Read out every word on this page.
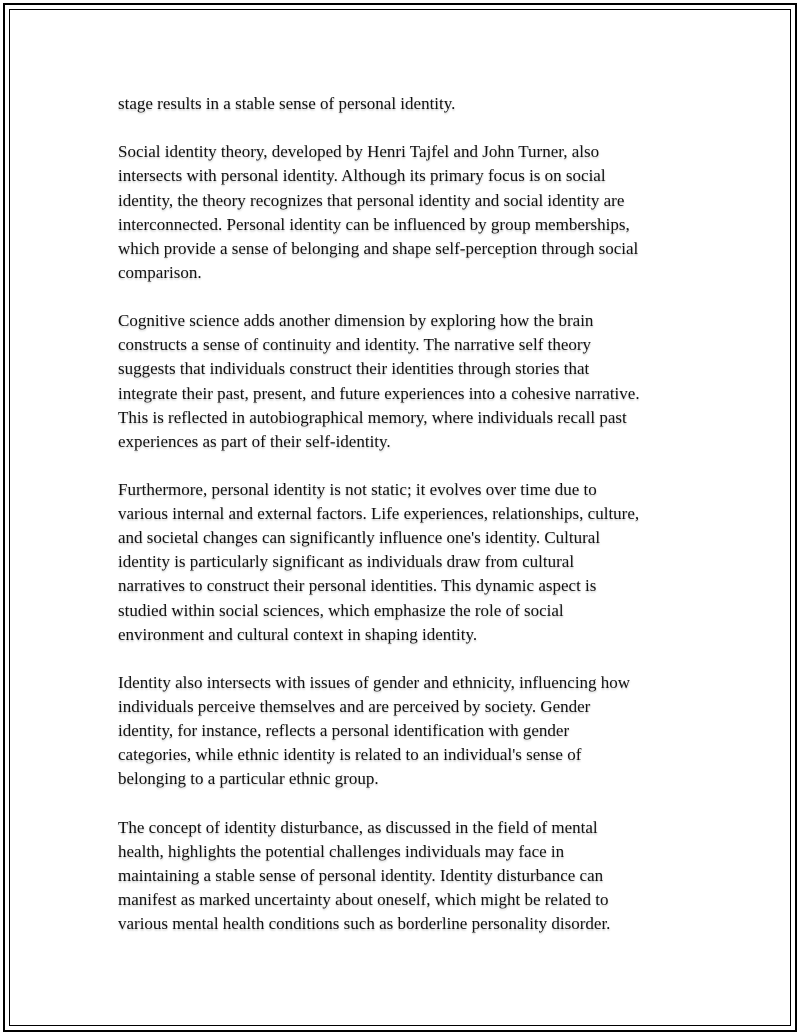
stage results in a stable sense of personal identity.

Social identity theory, developed by Henri Tajfel and John Turner, also
intersects with personal identity. Although its primary focus is on social
identity, the theory recognizes that personal identity and social identity are
interconnected. Personal identity can be influenced by group memberships,
which provide a sense of belonging and shape self-perception through social
comparison.

Cognitive science adds another dimension by exploring how the brain
constructs a sense of continuity and identity. The narrative self theory
suggests that individuals construct their identities through stories that
integrate their past, present, and future experiences into a cohesive narrative.
This is reflected in autobiographical memory, where individuals recall past
experiences as part of their self-identity.

Furthermore, personal identity is not static; it evolves over time due to
various internal and external factors. Life experiences, relationships, culture,
and societal changes can significantly influence one's identity. Cultural
identity is particularly significant as individuals draw from cultural
narratives to construct their personal identities. This dynamic aspect is
studied within social sciences, which emphasize the role of social
environment and cultural context in shaping identity.

Identity also intersects with issues of gender and ethnicity, influencing how
individuals perceive themselves and are perceived by society. Gender
identity, for instance, reflects a personal identification with gender
categories, while ethnic identity is related to an individual's sense of
belonging to a particular ethnic group.

The concept of identity disturbance, as discussed in the field of mental
health, highlights the potential challenges individuals may face in
maintaining a stable sense of personal identity. Identity disturbance can
manifest as marked uncertainty about oneself, which might be related to
various mental health conditions such as borderline personality disorder.
